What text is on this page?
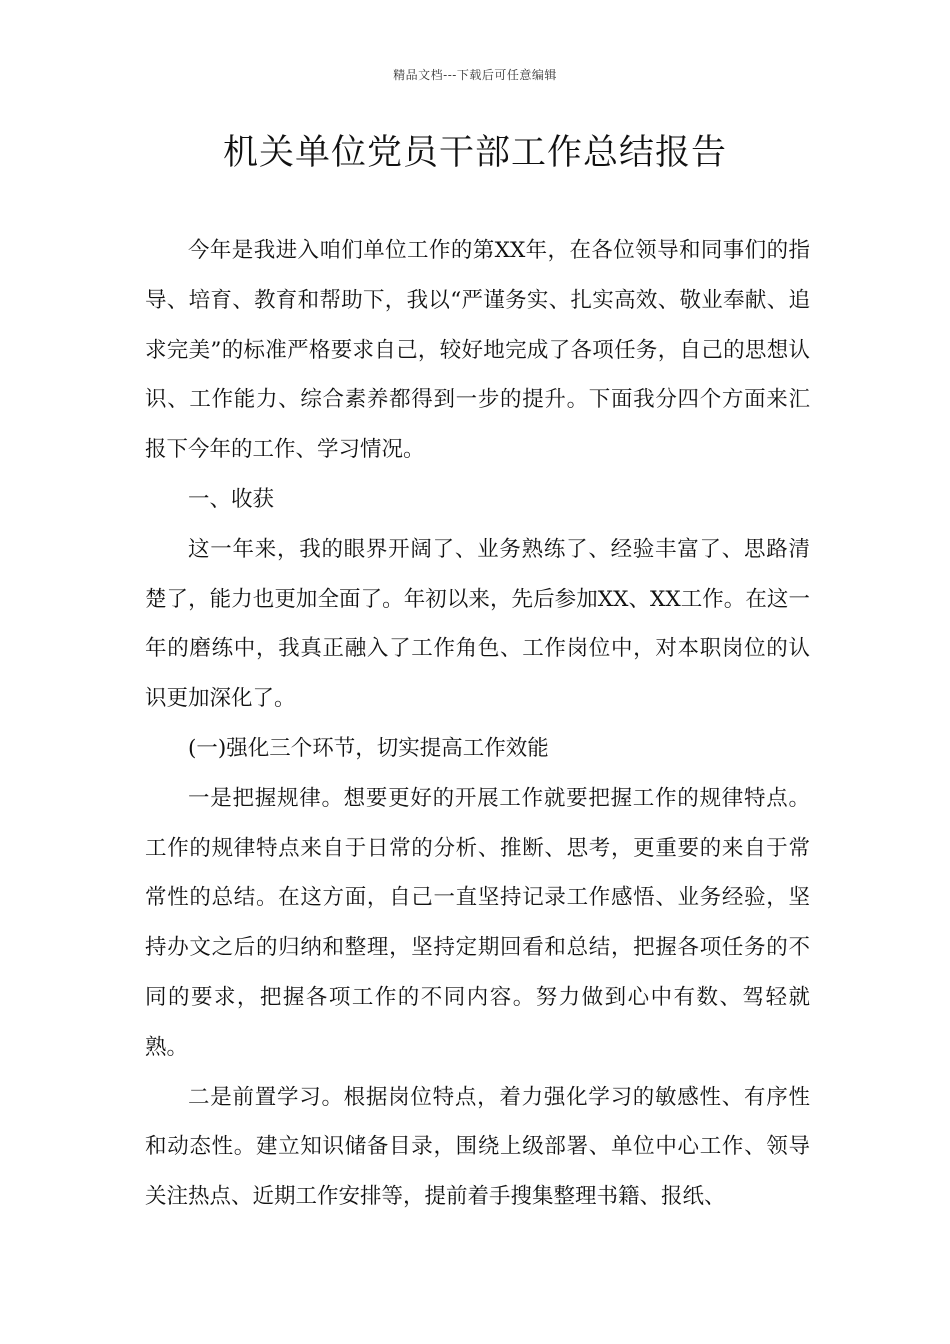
精品文档---下载后可任意编辑
机关单位党员干部工作总结报告

今年是我进入咱们单位工作的第XX年，在各位领导和同事们的指导、培育、教育和帮助下，我以“严谨务实、扎实高效、敬业奉献、追求完美”的标准严格要求自己，较好地完成了各项任务，自己的思想认识、工作能力、综合素养都得到一步的提升。下面我分四个方面来汇报下今年的工作、学习情况。

一、收获

这一年来，我的眼界开阔了、业务熟练了、经验丰富了、思路清楚了，能力也更加全面了。年初以来，先后参加XX、XX工作。在这一年的磨练中，我真正融入了工作角色、工作岗位中，对本职岗位的认识更加深化了。

(一)强化三个环节，切实提高工作效能

一是把握规律。想要更好的开展工作就要把握工作的规律特点。工作的规律特点来自于日常的分析、推断、思考，更重要的来自于常常性的总结。在这方面，自己一直坚持记录工作感悟、业务经验，坚持办文之后的归纳和整理，坚持定期回看和总结，把握各项任务的不同的要求，把握各项工作的不同内容。努力做到心中有数、驾轻就熟。

二是前置学习。根据岗位特点，着力强化学习的敏感性、有序性和动态性。建立知识储备目录，围绕上级部署、单位中心工作、领导关注热点、近期工作安排等，提前着手搜集整理书籍、报纸、
